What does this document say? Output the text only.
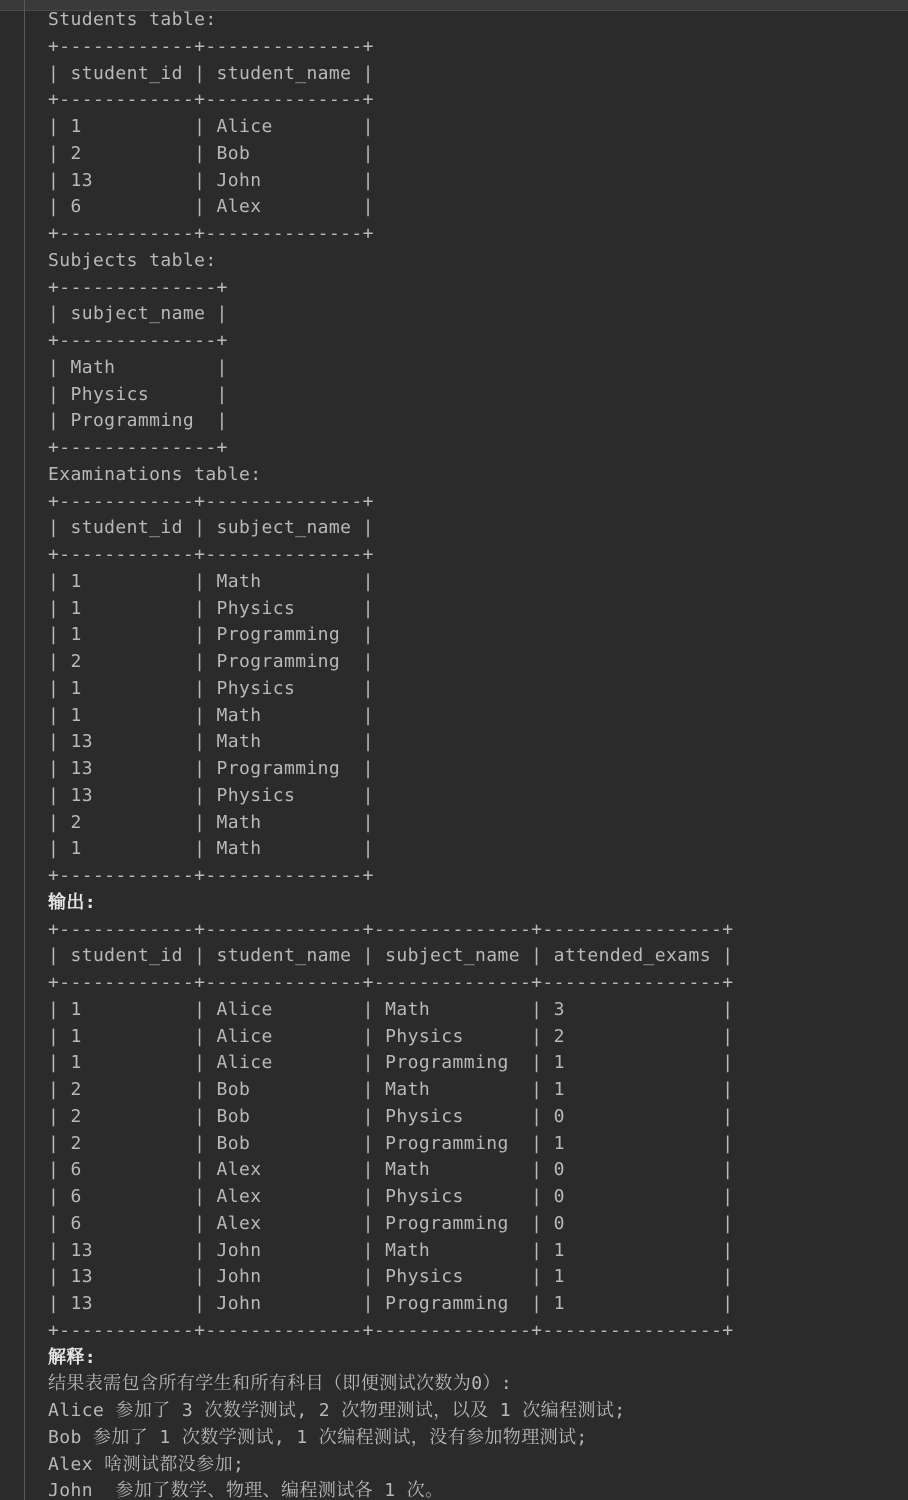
Students table:
+------------+--------------+
| student_id | student_name |
+------------+--------------+
| 1          | Alice        |
| 2          | Bob          |
| 13         | John         |
| 6          | Alex         |
+------------+--------------+
Subjects table:
+--------------+
| subject_name |
+--------------+
| Math         |
| Physics      |
| Programming  |
+--------------+
Examinations table:
+------------+--------------+
| student_id | subject_name |
+------------+--------------+
| 1          | Math         |
| 1          | Physics      |
| 1          | Programming  |
| 2          | Programming  |
| 1          | Physics      |
| 1          | Math         |
| 13         | Math         |
| 13         | Programming  |
| 13         | Physics      |
| 2          | Math         |
| 1          | Math         |
+------------+--------------+
输出:
+------------+--------------+--------------+----------------+
| student_id | student_name | subject_name | attended_exams |
+------------+--------------+--------------+----------------+
| 1          | Alice        | Math         | 3              |
| 1          | Alice        | Physics      | 2              |
| 1          | Alice        | Programming  | 1              |
| 2          | Bob          | Math         | 1              |
| 2          | Bob          | Physics      | 0              |
| 2          | Bob          | Programming  | 1              |
| 6          | Alex         | Math         | 0              |
| 6          | Alex         | Physics      | 0              |
| 6          | Alex         | Programming  | 0              |
| 13         | John         | Math         | 1              |
| 13         | John         | Physics      | 1              |
| 13         | John         | Programming  | 1              |
+------------+--------------+--------------+----------------+
解释:
结果表需包含所有学生和所有科目（即便测试次数为0）:
Alice 参加了 3 次数学测试, 2 次物理测试，以及 1 次编程测试;
Bob 参加了 1 次数学测试, 1 次编程测试，没有参加物理测试;
Alex 啥测试都没参加;
John  参加了数学、物理、编程测试各 1 次。
